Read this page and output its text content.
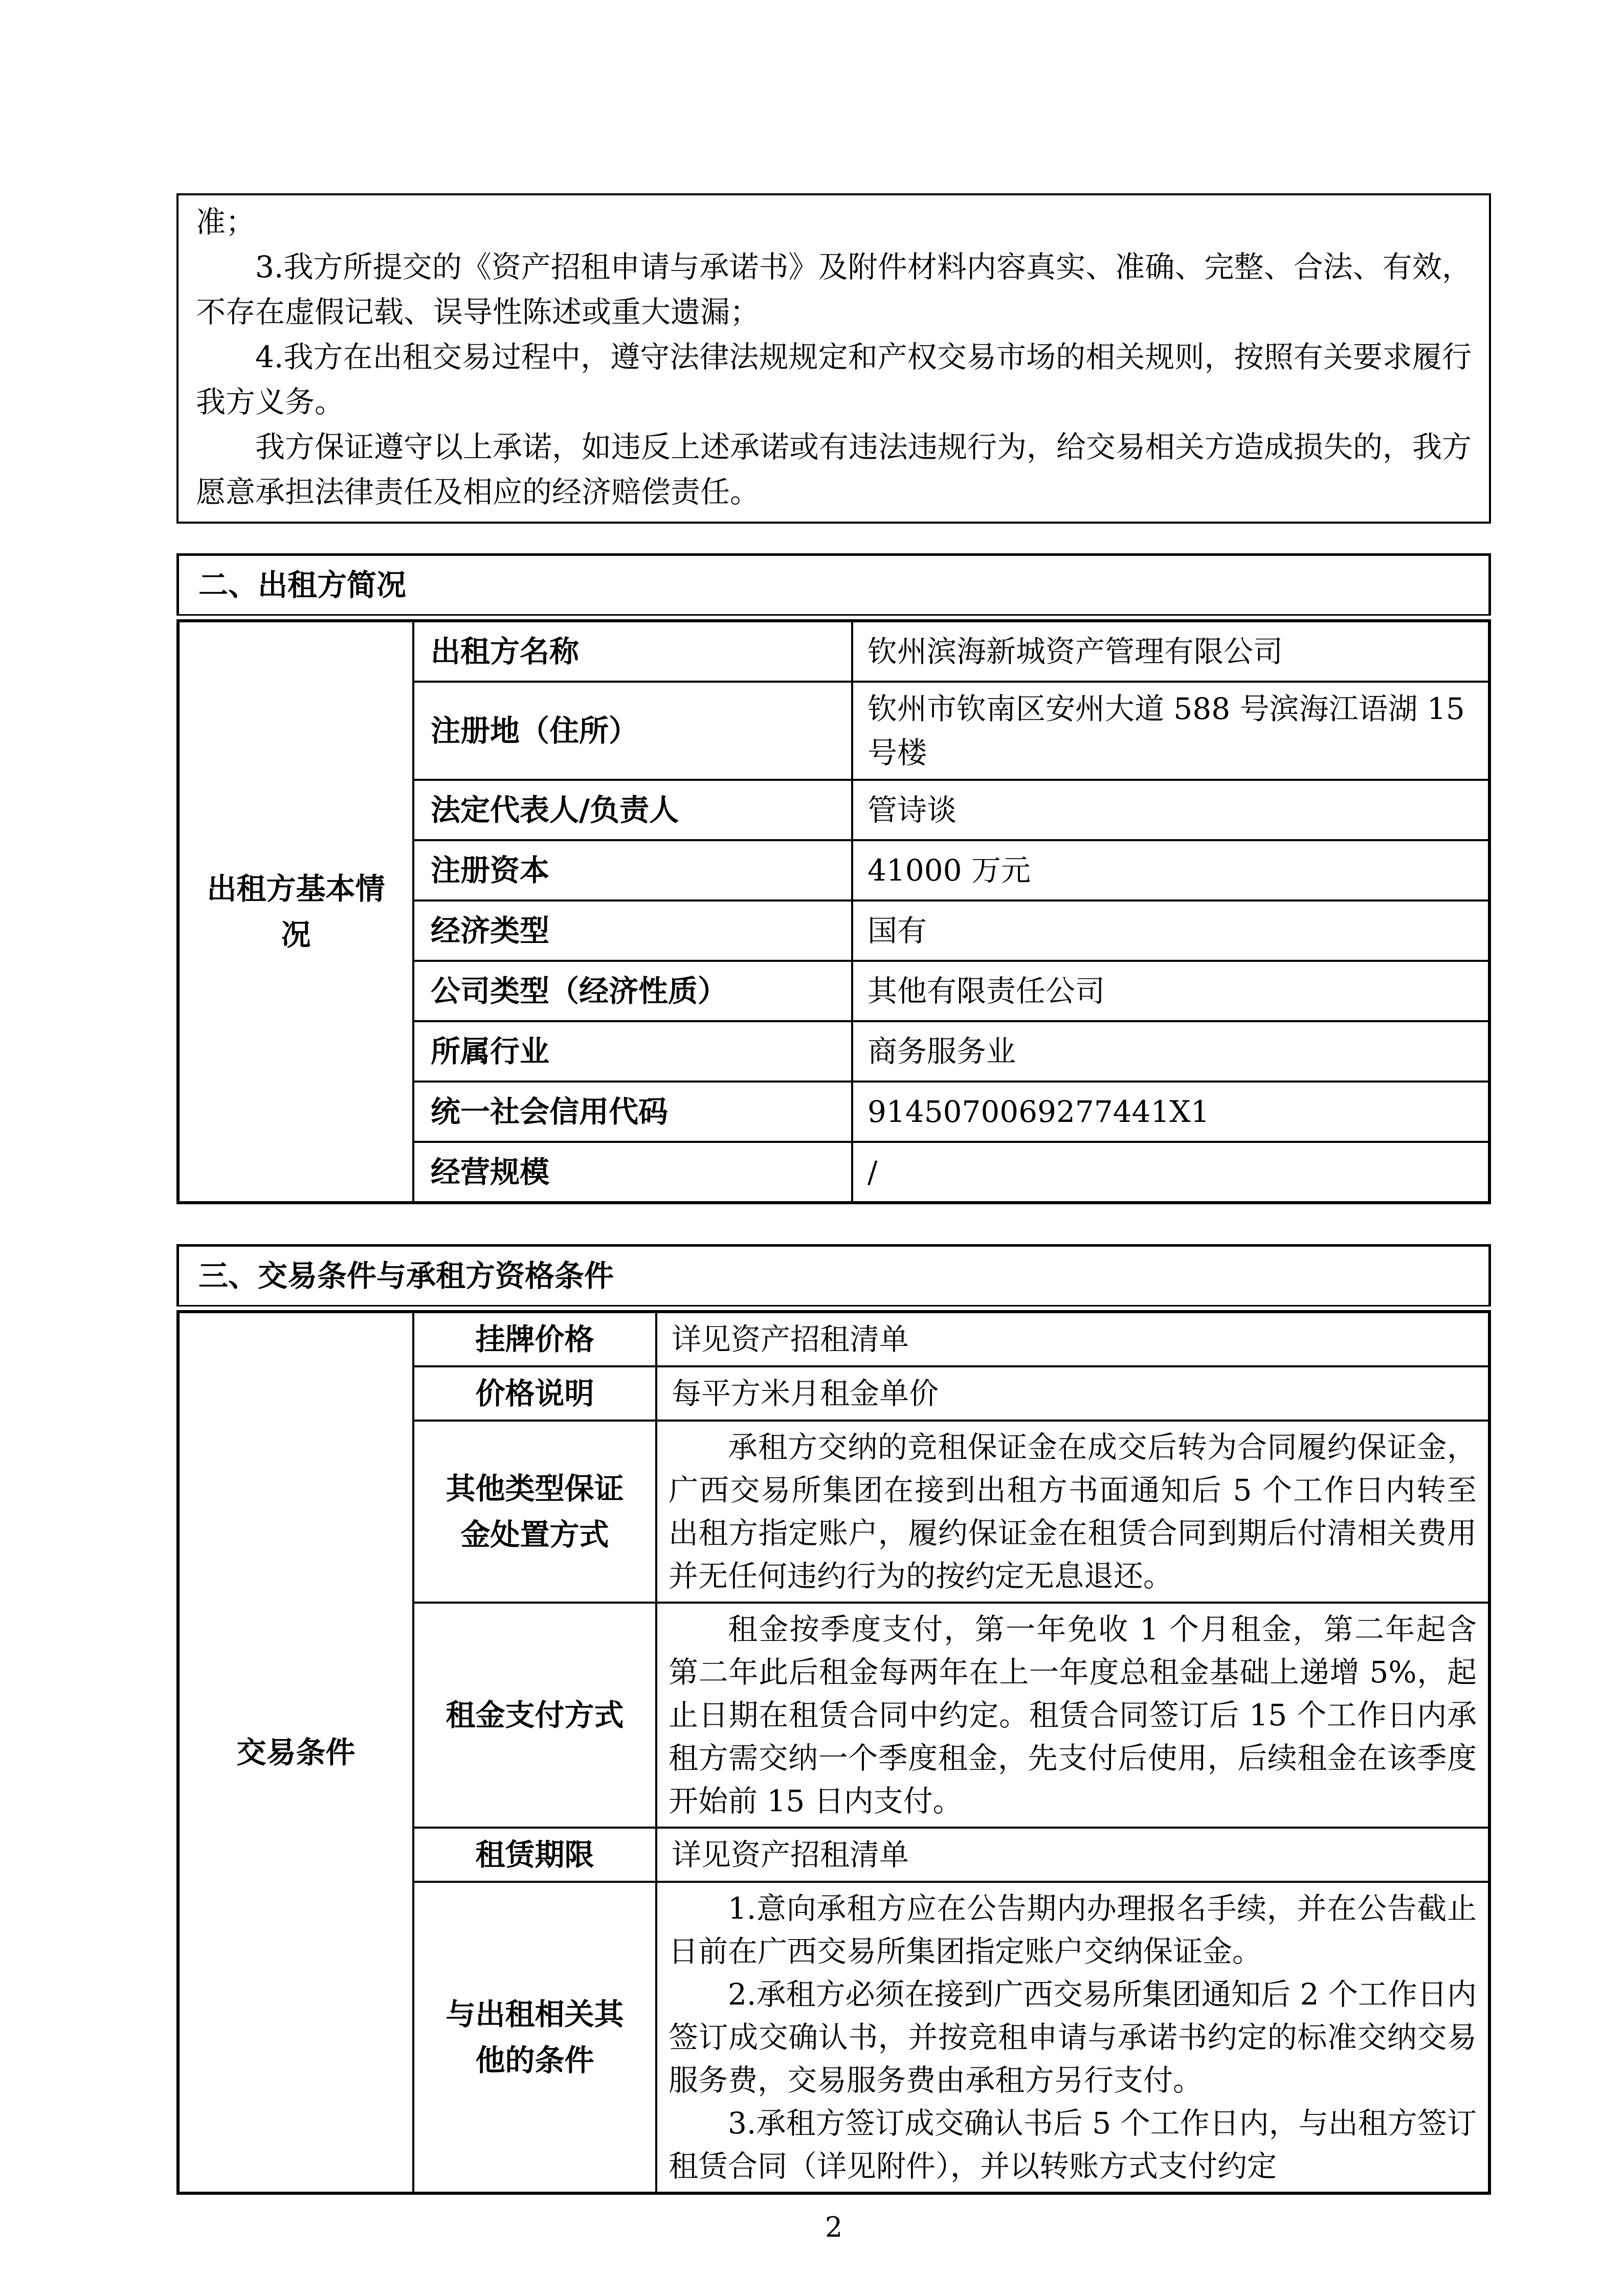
准；

3.我方所提交的《资产招租申请与承诺书》及附件材料内容真实、准确、完整、合法、有效，不存在虚假记载、误导性陈述或重大遗漏；

4.我方在出租交易过程中，遵守法律法规规定和产权交易市场的相关规则，按照有关要求履行我方义务。

我方保证遵守以上承诺，如违反上述承诺或有违法违规行为，给交易相关方造成损失的，我方愿意承担法律责任及相应的经济赔偿责任。

二、出租方简况
出租方基本情况	出租方名称	钦州滨海新城资产管理有限公司
	注册地（住所）	钦州市钦南区安州大道 588 号滨海江语湖 15 号楼
	法定代表人/负责人	管诗谈
	注册资本	41000 万元
	经济类型	国有
	公司类型（经济性质）	其他有限责任公司
	所属行业	商务服务业
	统一社会信用代码	9145070069277441X1
	经营规模	/
三、交易条件与承租方资格条件
交易条件	挂牌价格	详见资产招租清单

	价格说明	每平方米月租金单价

	其他类型保证金处置方式	承租方交纳的竞租保证金在成交后转为合同履约保证金，广西交易所集团在接到出租方书面通知后 5 个工作日内转至出租方指定账户，履约保证金在租赁合同到期后付清相关费用并无任何违约行为的按约定无息退还。

	租金支付方式	租金按季度支付，第一年免收 1 个月租金，第二年起含第二年此后租金每两年在上一年度总租金基础上递增 5%，起止日期在租赁合同中约定。租赁合同签订后 15 个工作日内承租方需交纳一个季度租金，先支付后使用，后续租金在该季度开始前 15 日内支付。

	租赁期限	详见资产招租清单

	与出租相关其他的条件	1.意向承租方应在公告期内办理报名手续，并在公告截止日前在广西交易所集团指定账户交纳保证金。

2.承租方必须在接到广西交易所集团通知后 2 个工作日内签订成交确认书，并按竞租申请与承诺书约定的标准交纳交易服务费，交易服务费由承租方另行支付。

3.承租方签订成交确认书后 5 个工作日内，与出租方签订租赁合同（详见附件），并以转账方式支付约定

2
